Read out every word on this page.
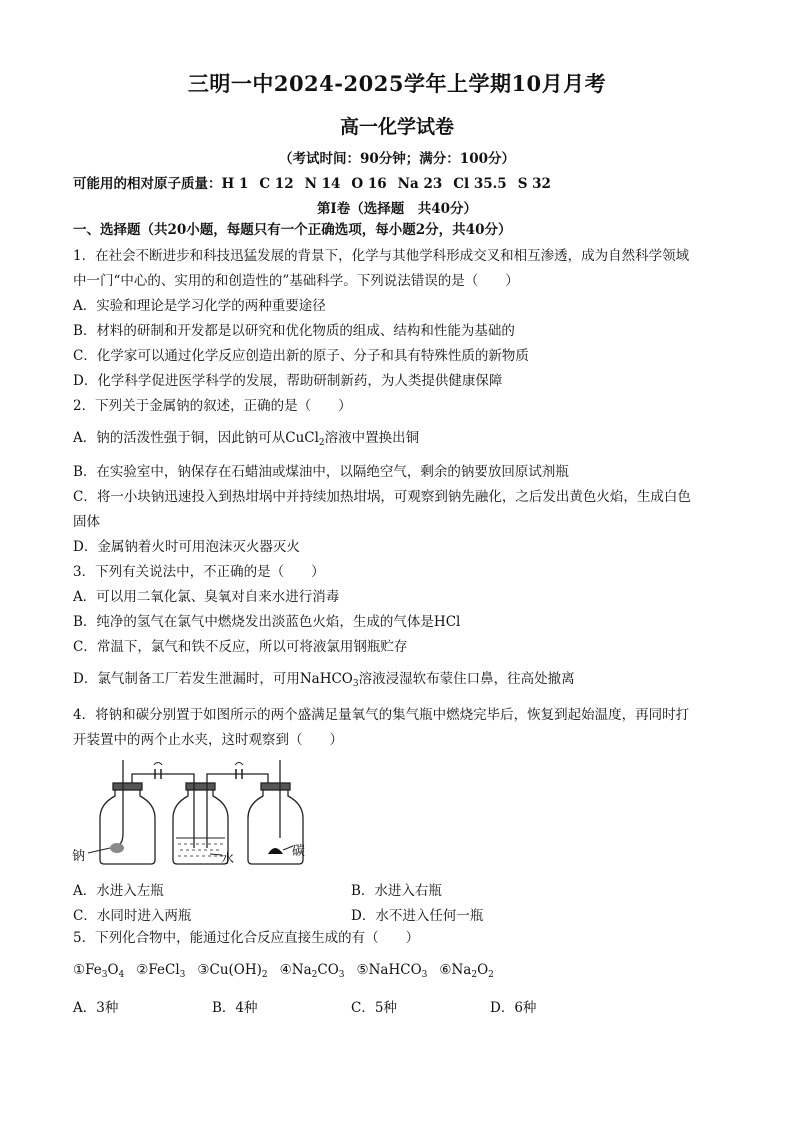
三明一中2024-2025学年上学期10月月考
高一化学试卷
（考试时间：90分钟；满分：100分）
可能用的相对原子质量：H 1 C 12 N 14 O 16 Na 23 Cl 35.5 S 32
第Ⅰ卷（选择题　共40分）
一、选择题（共20小题，每题只有一个正确选项，每小题2分，共40分）
1．在社会不断进步和科技迅猛发展的背景下，化学与其他学科形成交叉和相互渗透，成为自然科学领域
中一门“中心的、实用的和创造性的”基础科学。下列说法错误的是（　　）
A．实验和理论是学习化学的两种重要途径
B．材料的研制和开发都是以研究和优化物质的组成、结构和性能为基础的
C．化学家可以通过化学反应创造出新的原子、分子和具有特殊性质的新物质
D．化学科学促进医学科学的发展，帮助研制新药，为人类提供健康保障
2．下列关于金属钠的叙述，正确的是（　　）
A．钠的活泼性强于铜，因此钠可从CuCl$_2$溶液中置换出铜
B．在实验室中，钠保存在石蜡油或煤油中，以隔绝空气，剩余的钠要放回原试剂瓶
C．将一小块钠迅速投入到热坩埚中并持续加热坩埚，可观察到钠先融化，之后发出黄色火焰，生成白色
固体
D．金属钠着火时可用泡沫灭火器灭火
3．下列有关说法中，不正确的是（　　）
A．可以用二氧化氯、臭氧对自来水进行消毒
B．纯净的氢气在氯气中燃烧发出淡蓝色火焰，生成的气体是HCl
C．常温下，氯气和铁不反应，所以可将液氯用钢瓶贮存
D．氯气制备工厂若发生泄漏时，可用NaHCO$_3$溶液浸湿软布蒙住口鼻，往高处撤离
4．将钠和碳分别置于如图所示的两个盛满足量氧气的集气瓶中燃烧完毕后，恢复到起始温度，再同时打
开装置中的两个止水夹，这时观察到（　　）
钠	水
碳
A．水进入左瓶	B．水进入右瓶
C．水同时进入两瓶	D．水不进入任何一瓶
5．下列化合物中，能通过化合反应直接生成的有（　　）
$①Fe_3O_4$ ②FeCl$_3$ $③Cu(OH)_2$ $④Na_2CO_3$ ⑤NaHCO$_3$ $⑥Na_2O_2$
A．3种	B．4种	C．5种	D．6种
